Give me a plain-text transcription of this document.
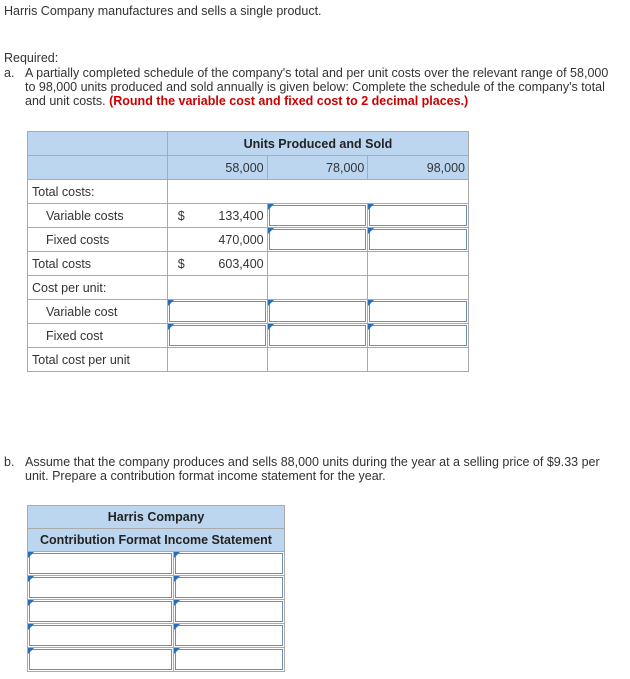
Harris Company manufactures and sells a single product.

Required:

a. A partially completed schedule of the company's total and per unit costs over the relevant range of 58,000 to 98,000 units produced and sold annually is given below: Complete the schedule of the company's total and unit costs. (Round the variable cost and fixed cost to 2 decimal places.)
	Units Produced and Sold			
	58,000		78,000	98,000
Total costs:				
Variable costs	$	133,400	

Fixed costs		470,000	

Total costs	$	603,400		
Cost per unit:				
Variable cost		

Fixed cost		

Total cost per unit				
b. Assume that the company produces and sells 88,000 units during the year at a selling price of $9.33 per unit. Prepare a contribution format income statement for the year.
Harris Company	
Contribution Format Income Statement	
